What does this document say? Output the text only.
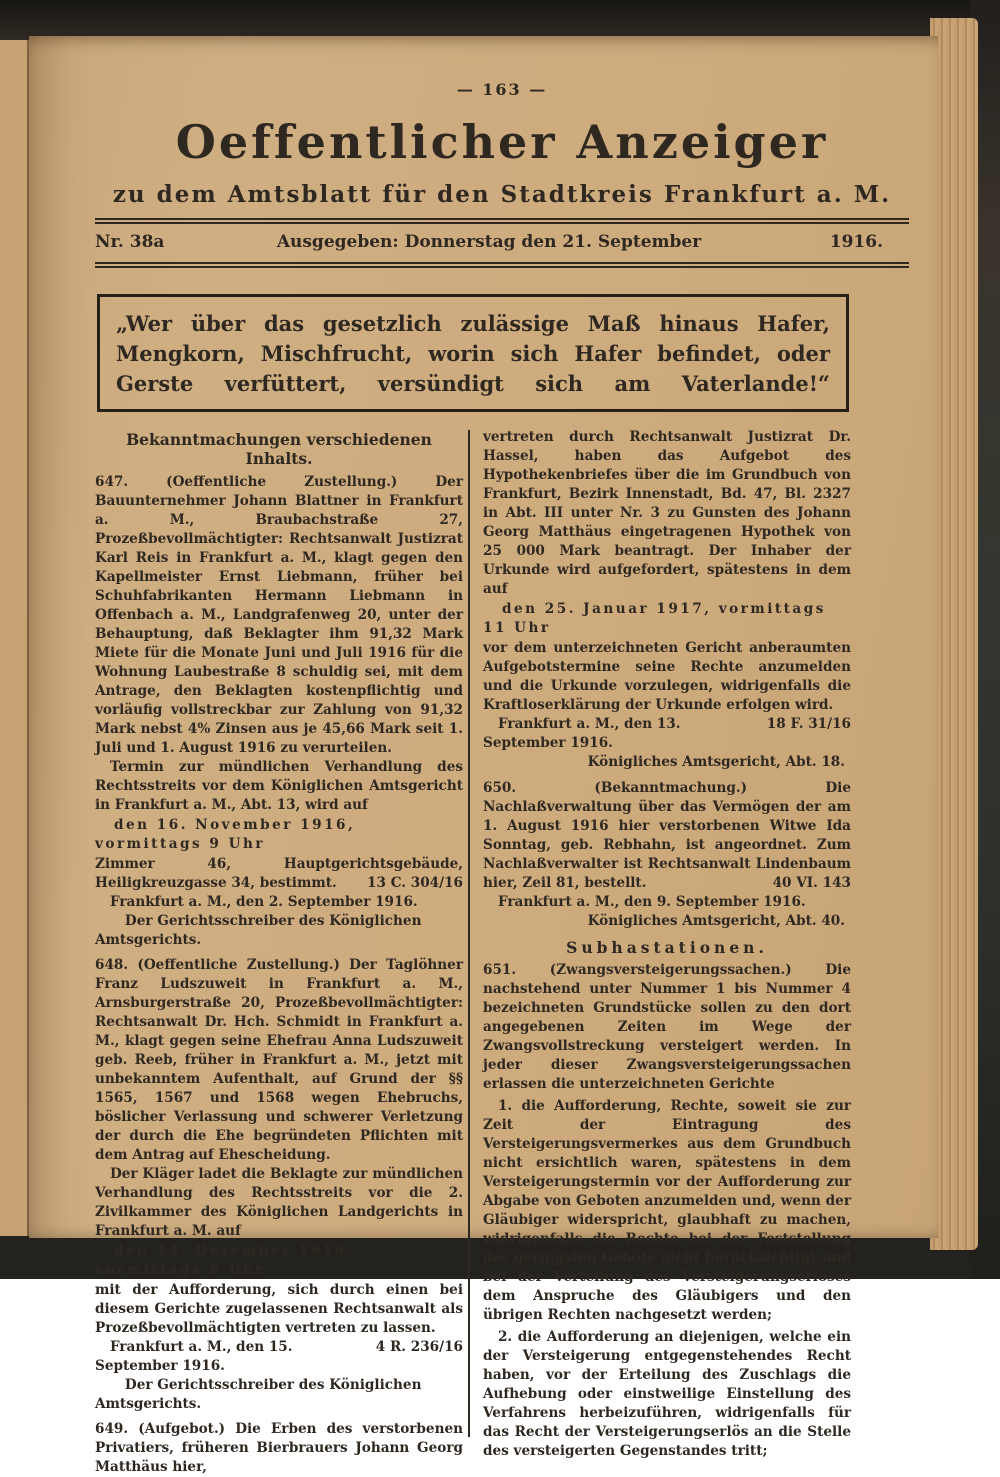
— 163 —
Oeffentlicher Anzeiger
zu dem Amtsblatt für den Stadtkreis Frankfurt a. M.
Nr. 38a	Ausgegeben: Donnerstag den 21. September	1916.
„Wer über das gesetzlich zulässige Maß hinaus Hafer,
Mengkorn, Mischfrucht, worin sich Hafer befindet, oder
Gerste verfüttert, versündigt sich am Vaterlande!“
Bekanntmachungen verschiedenen Inhalts.

647. (Oeffentliche Zustellung.) Der Bauunternehmer Johann Blattner in Frankfurt a. M., Braubachstraße 27, Prozeßbevollmächtigter: Rechtsanwalt Justizrat Karl Reis in Frankfurt a. M., klagt gegen den Kapellmeister Ernst Liebmann, früher bei Schuhfabrikanten Hermann Liebmann in Offenbach a. M., Landgrafenweg 20, unter der Behauptung, daß Beklagter ihm 91,32 Mark Miete für die Monate Juni und Juli 1916 für die Wohnung Laubestraße 8 schuldig sei, mit dem Antrage, den Beklagten kostenpflichtig und vorläufig vollstreckbar zur Zahlung von 91,32 Mark nebst 4% Zinsen aus je 45,66 Mark seit 1. Juli und 1. August 1916 zu verurteilen.

Termin zur mündlichen Verhandlung des Rechtsstreits vor dem Königlichen Amtsgericht in Frankfurt a. M., Abt. 13, wird auf

den 16. November 1916, vormittags 9 Uhr

Zimmer 46, Hauptgerichtsgebäude, Heiligkreuzgasse 34, bestimmt. 13 C. 304/16

Frankfurt a. M., den 2. September 1916.

Der Gerichtsschreiber des Königlichen Amtsgerichts.

648. (Oeffentliche Zustellung.) Der Taglöhner Franz Ludszuweit in Frankfurt a. M., Arnsburgerstraße 20, Prozeßbevollmächtigter: Rechtsanwalt Dr. Hch. Schmidt in Frankfurt a. M., klagt gegen seine Ehefrau Anna Ludszuweit geb. Reeb, früher in Frankfurt a. M., jetzt mit unbekanntem Aufenthalt, auf Grund der §§ 1565, 1567 und 1568 wegen Ehebruchs, böslicher Verlassung und schwerer Verletzung der durch die Ehe begründeten Pflichten mit dem Antrag auf Ehescheidung.

Der Kläger ladet die Beklagte zur mündlichen Verhandlung des Rechtsstreits vor die 2. Zivilkammer des Königlichen Landgerichts in Frankfurt a. M. auf

den 14. Dezember 1916, vormittags 9 Uhr

mit der Aufforderung, sich durch einen bei diesem Gerichte zugelassenen Rechtsanwalt als Prozeßbevollmächtigten vertreten zu lassen.
4 R. 236/16

Frankfurt a. M., den 15. September 1916.

Der Gerichtsschreiber des Königlichen Amtsgerichts.

649. (Aufgebot.) Die Erben des verstorbenen Privatiers, früheren Bierbrauers Johann Georg Matthäus hier,

vertreten durch Rechtsanwalt Justizrat Dr. Hassel, haben das Aufgebot des Hypothekenbriefes über die im Grundbuch von Frankfurt, Bezirk Innenstadt, Bd. 47, Bl. 2327 in Abt. III unter Nr. 3 zu Gunsten des Johann Georg Matthäus eingetragenen Hypothek von 25 000 Mark beantragt. Der Inhaber der Urkunde wird aufgefordert, spätestens in dem auf

den 25. Januar 1917, vormittags 11 Uhr

vor dem unterzeichneten Gericht anberaumten Aufgebotstermine seine Rechte anzumelden und die Urkunde vorzulegen, widrigenfalls die Kraftloserklärung der Urkunde erfolgen wird.
18 F. 31/16

Frankfurt a. M., den 13. September 1916.

Königliches Amtsgericht, Abt. 18.

650. (Bekanntmachung.) Die Nachlaßverwaltung über das Vermögen der am 1. August 1916 hier verstorbenen Witwe Ida Sonntag, geb. Rebhahn, ist angeordnet. Zum Nachlaßverwalter ist Rechtsanwalt Lindenbaum hier, Zeil 81, bestellt.	40 VI. 143

Frankfurt a. M., den 9. September 1916.

Königliches Amtsgericht, Abt. 40.

Subhastationen.

651. (Zwangsversteigerungssachen.) Die nachstehend unter Nummer 1 bis Nummer 4 bezeichneten Grundstücke sollen zu den dort angegebenen Zeiten im Wege der Zwangsvollstreckung versteigert werden. In jeder dieser Zwangsversteigerungssachen erlassen die unterzeichneten Gerichte

1. die Aufforderung, Rechte, soweit sie zur Zeit der Eintragung des Versteigerungsvermerkes aus dem Grundbuch nicht ersichtlich waren, spätestens in dem Versteigerungstermin vor der Aufforderung zur Abgabe von Geboten anzumelden und, wenn der Gläubiger widerspricht, glaubhaft zu machen, widrigenfalls die Rechte bei der Feststellung des geringsten Gebots nicht berücksichtigt und bei der Verteilung des Versteigerungserlöses dem Anspruche des Gläubigers und den übrigen Rechten nachgesetzt werden;

2. die Aufforderung an diejenigen, welche ein der Versteigerung entgegenstehendes Recht haben, vor der Erteilung des Zuschlags die Aufhebung oder einstweilige Einstellung des Verfahrens herbeizuführen, widrigenfalls für das Recht der Versteigerungserlös an die Stelle des versteigerten Gegenstandes tritt;
